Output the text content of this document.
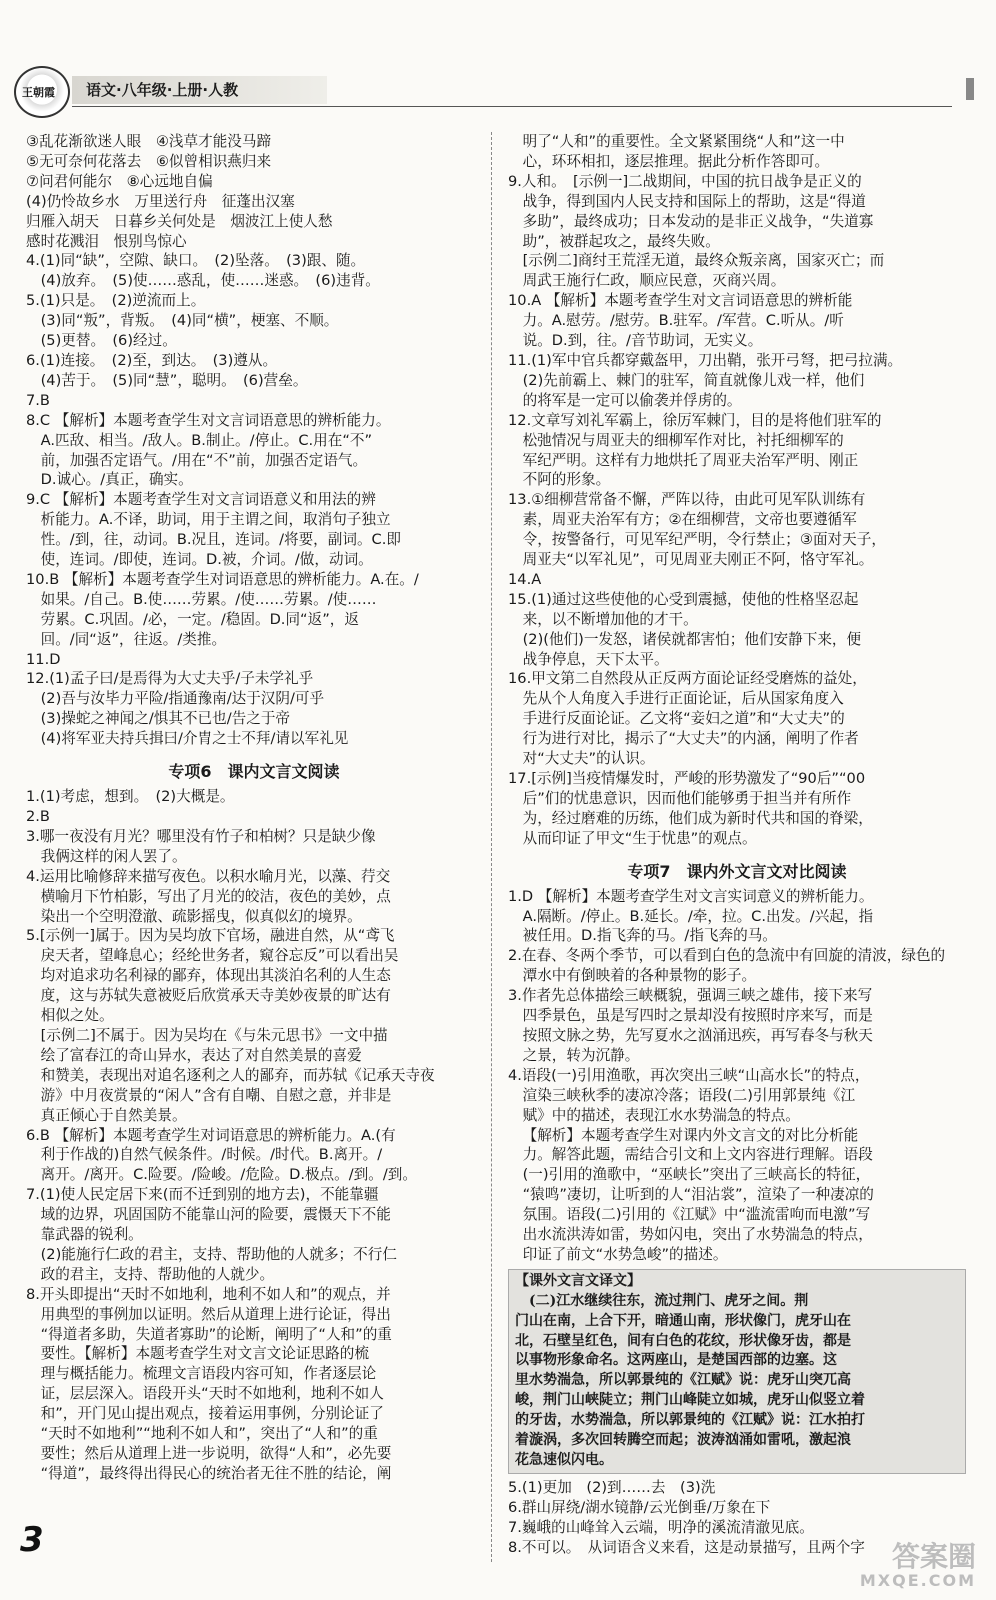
王朝霞	语文·八年级·上册·人教
③乱花渐欲迷人眼　④浅草才能没马蹄
⑤无可奈何花落去　⑥似曾相识燕归来
⑦问君何能尔　⑧心远地自偏
(4)仍怜故乡水　万里送行舟　征蓬出汉塞
归雁入胡天　日暮乡关何处是　烟波江上使人愁
感时花溅泪　恨别鸟惊心
4.(1)同“缺”，空隙、缺口。　(2)坠落。　(3)跟、随。
(4)放弃。　(5)使……惑乱，使……迷惑。　(6)违背。
5.(1)只是。　(2)逆流而上。
(3)同“叛”，背叛。　(4)同“横”，梗塞、不顺。
(5)更替。　(6)经过。
6.(1)连接。　(2)至，到达。　(3)遵从。
(4)苦于。　(5)同“慧”，聪明。　(6)营垒。
7.B
8.C 【解析】本题考查学生对文言词语意思的辨析能力。
A.匹敌、相当。/敌人。B.制止。/停止。C.用在“不”
前，加强否定语气。/用在“不”前，加强否定语气。
D.诚心。/真正，确实。
9.C 【解析】本题考查学生对文言词语意义和用法的辨
析能力。A.不译，助词，用于主谓之间，取消句子独立
性。/到，往，动词。B.况且，连词。/将要，副词。C.即
使，连词。/即使，连词。D.被，介词。/做，动词。
10.B 【解析】本题考查学生对词语意思的辨析能力。A.在。/
如果。/自己。B.使……劳累。/使……劳累。/使……
劳累。C.巩固。/必，一定。/稳固。D.同“返”，返
回。/同“返”，往返。/类推。
11.D
12.(1)孟子曰/是焉得为大丈夫乎/子未学礼乎
(2)吾与汝毕力平险/指通豫南/达于汉阴/可乎
(3)操蛇之神闻之/惧其不已也/告之于帝
(4)将军亚夫持兵揖曰/介胄之士不拜/请以军礼见
专项6　课内文言文阅读
1.(1)考虑，想到。　(2)大概是。
2.B
3.哪一夜没有月光？哪里没有竹子和柏树？只是缺少像
我俩这样的闲人罢了。
4.运用比喻修辞来描写夜色。以积水喻月光，以藻、荇交
横喻月下竹柏影，写出了月光的皎洁，夜色的美妙，点
染出一个空明澄澈、疏影摇曳，似真似幻的境界。
5.[示例一]属于。因为吴均放下官场，融进自然，从“鸢飞
戾天者，望峰息心；经纶世务者，窥谷忘反”可以看出吴
均对追求功名利禄的鄙弃，体现出其淡泊名利的人生态
度，这与苏轼失意被贬后欣赏承天寺美妙夜景的旷达有
相似之处。
[示例二]不属于。因为吴均在《与朱元思书》一文中描
绘了富春江的奇山异水，表达了对自然美景的喜爱
和赞美，表现出对追名逐利之人的鄙弃，而苏轼《记承天寺夜
游》中月夜赏景的“闲人”含有自嘲、自慰之意，并非是
真正倾心于自然美景。
6.B 【解析】本题考查学生对词语意思的辨析能力。A.(有
利于作战的)自然气候条件。/时候。/时代。B.离开。/
离开。/离开。C.险要。/险峻。/危险。D.极点。/到。/到。
7.(1)使人民定居下来(而不迁到别的地方去)，不能靠疆
域的边界，巩固国防不能靠山河的险要，震慑天下不能
靠武器的锐利。
(2)能施行仁政的君主，支持、帮助他的人就多；不行仁
政的君主，支持、帮助他的人就少。
8.开头即提出“天时不如地利，地利不如人和”的观点，并
用典型的事例加以证明。然后从道理上进行论证，得出
“得道者多助，失道者寡助”的论断，阐明了“人和”的重
要性。【解析】本题考查学生对文言文论证思路的梳
理与概括能力。梳理文言语段内容可知，作者逐层论
证，层层深入。语段开头“天时不如地利，地利不如人
和”，开门见山提出观点，接着运用事例，分别论证了
“天时不如地利”“地利不如人和”，突出了“人和”的重
要性；然后从道理上进一步说明，欲得“人和”，必先要
“得道”，最终得出得民心的统治者无往不胜的结论，阐
明了“人和”的重要性。全文紧紧围绕“人和”这一中
心，环环相扣，逐层推理。据此分析作答即可。
9.人和。　[示例一]二战期间，中国的抗日战争是正义的
战争，得到国内人民支持和国际上的帮助，这是“得道
多助”，最终成功；日本发动的是非正义战争，“失道寡
助”，被群起攻之，最终失败。
[示例二]商纣王荒淫无道，最终众叛亲离，国家灭亡；而
周武王施行仁政，顺应民意，灭商兴周。
10.A 【解析】本题考查学生对文言词语意思的辨析能
力。A.慰劳。/慰劳。B.驻军。/军营。C.听从。/听
说。D.到，往。/音节助词，无实义。
11.(1)军中官兵都穿戴盔甲，刀出鞘，张开弓弩，把弓拉满。
(2)先前霸上、棘门的驻军，简直就像儿戏一样，他们
的将军是一定可以偷袭并俘虏的。
12.文章写刘礼军霸上，徐厉军棘门，目的是将他们驻军的
松弛情况与周亚夫的细柳军作对比，衬托细柳军的
军纪严明。这样有力地烘托了周亚夫治军严明、刚正
不阿的形象。
13.①细柳营常备不懈，严阵以待，由此可见军队训练有
素，周亚夫治军有方；②在细柳营，文帝也要遵循军
令，按警备行，可见军纪严明，令行禁止；③面对天子，
周亚夫“以军礼见”，可见周亚夫刚正不阿，恪守军礼。
14.A
15.(1)通过这些使他的心受到震撼，使他的性格坚忍起
来，以不断增加他的才干。
(2)(他们)一发怒，诸侯就都害怕；他们安静下来，便
战争停息，天下太平。
16.甲文第二自然段从正反两方面论证经受磨炼的益处，
先从个人角度入手进行正面论证，后从国家角度入
手进行反面论证。乙文将“妾妇之道”和“大丈夫”的
行为进行对比，揭示了“大丈夫”的内涵，阐明了作者
对“大丈夫”的认识。
17.[示例]当疫情爆发时，严峻的形势激发了“90后”“00
后”们的忧患意识，因而他们能够勇于担当并有所作
为，经过磨难的历练，他们成为新时代共和国的脊梁，
从而印证了甲文“生于忧患”的观点。
专项7　课内外文言文对比阅读
1.D 【解析】本题考查学生对文言实词意义的辨析能力。
A.隔断。/停止。B.延长。/牵，拉。C.出发。/兴起，指
被任用。D.指飞奔的马。/指飞奔的马。
2.在春、冬两个季节，可以看到白色的急流中有回旋的清波，绿色的
潭水中有倒映着的各种景物的影子。
3.作者先总体描绘三峡概貌，强调三峡之雄伟，接下来写
四季景色，虽是写四时之景却没有按照时序来写，而是
按照文脉之势，先写夏水之汹涌迅疾，再写春冬与秋天
之景，转为沉静。
4.语段(一)引用渔歌，再次突出三峡“山高水长”的特点，
渲染三峡秋季的凄凉冷落；语段(二)引用郭景纯《江
赋》中的描述，表现江水水势湍急的特点。
【解析】本题考查学生对课内外文言文的对比分析能
力。解答此题，需结合引文和上文内容进行理解。语段
(一)引用的渔歌中，“巫峡长”突出了三峡高长的特征，
“猿鸣”凄切，让听到的人“泪沾裳”，渲染了一种凄凉的
氛围。语段(二)引用的《江赋》中“滥流雷呴而电激”写
出水流洪涛如雷，势如闪电，突出了水势湍急的特点，
印证了前文“水势急峻”的描述。
【课外文言文译文】
(二)江水继续往东，流过荆门、虎牙之间。荆
门山在南，上合下开，暗通山南，形状像门，虎牙山在
北，石壁呈红色，间有白色的花纹，形状像牙齿，都是
以事物形象命名。这两座山，是楚国西部的边塞。这
里水势湍急，所以郭景纯的《江赋》说：虎牙山突兀高
峻，荆门山峡陡立；荆门山峰陡立如城，虎牙山似竖立着
的牙齿，水势湍急，所以郭景纯的《江赋》说：江水拍打
着漩涡，多次回转腾空而起；波涛汹涌如雷吼，激起浪
花急速似闪电。
5.(1)更加　(2)到……去　(3)洗
6.群山屏绕/湖水镜静/云光倒垂/万象在下
7.巍峨的山峰耸入云端，明净的溪流清澈见底。
8.不可以。　从词语含义来看，这是动景描写，且两个字
3	答案圈
MXQE.COM
